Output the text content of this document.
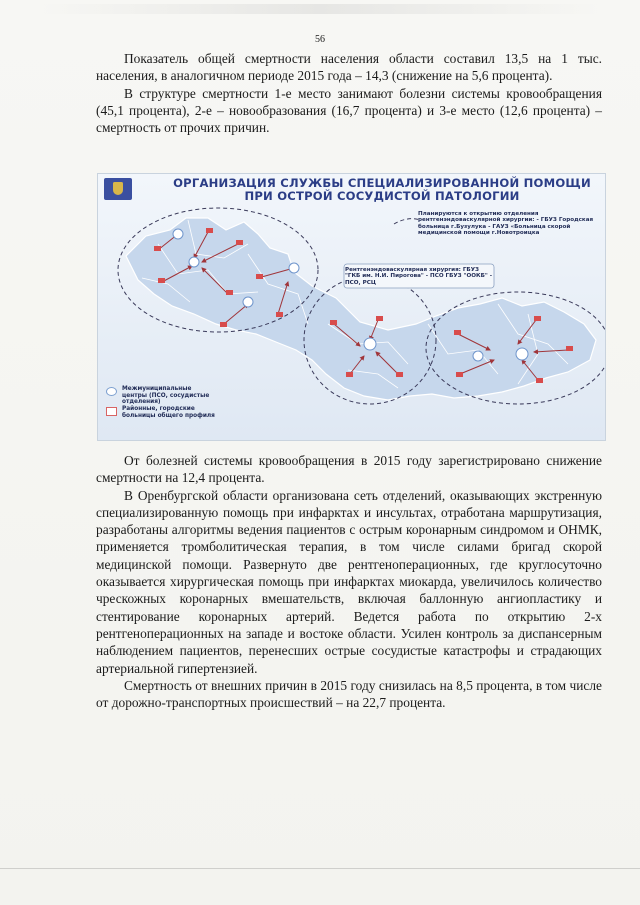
56

Показатель общей смертности населения области составил 13,5 на 1 тыс. населения, в аналогичном периоде 2015 года – 14,3 (снижение на 5,6 процента).

В структуре смертности 1-е место занимают болезни системы кровообращения (45,1 процента), 2-е – новообразования (16,7 процента) и 3-е место (12,6 процента) – смертность от прочих причин.

ОРГАНИЗАЦИЯ СЛУЖБЫ СПЕЦИАЛИЗИРОВАННОЙ ПОМОЩИ ПРИ ОСТРОЙ СОСУДИСТОЙ ПАТОЛОГИИ
Планируются к открытию отделения рентгенэндоваскулярной хирургии: - ГБУЗ Городская больница г.Бузулука - ГАУЗ «Больница скорой медицинской помощи г.Новотроицка
Рентгенэндоваскулярная хирургия: ГБУЗ "ГКБ им. Н.И. Пирогова" - ПСО ГБУЗ "ООКБ" - ПСО, РСЦ
Межмуниципальные центры (ПСО, сосудистые отделения)
Районные, городские больницы общего профиля

От болезней системы кровообращения в 2015 году зарегистрировано снижение смертности на 12,4 процента.

В Оренбургской области организована сеть отделений, оказывающих экстренную специализированную помощь при инфарктах и инсультах, отработана маршрутизация, разработаны алгоритмы ведения пациентов с острым коронарным синдромом и ОНМК, применяется тромболитическая терапия, в том числе силами бригад скорой медицинской помощи. Развернуто две рентгеноперационных, где круглосуточно оказывается хирургическая помощь при инфарктах миокарда, увеличилось количество чрескожных коронарных вмешательств, включая баллонную ангиопластику и стентирование коронарных артерий. Ведется работа по открытию 2-х рентгеноперационных на западе и востоке области. Усилен контроль за диспансерным наблюдением пациентов, перенесших острые сосудистые катастрофы и страдающих артериальной гипертензией.

Смертность от внешних причин в 2015 году снизилась на 8,5 процента, в том числе от дорожно-транспортных происшествий – на 22,7 процента.
